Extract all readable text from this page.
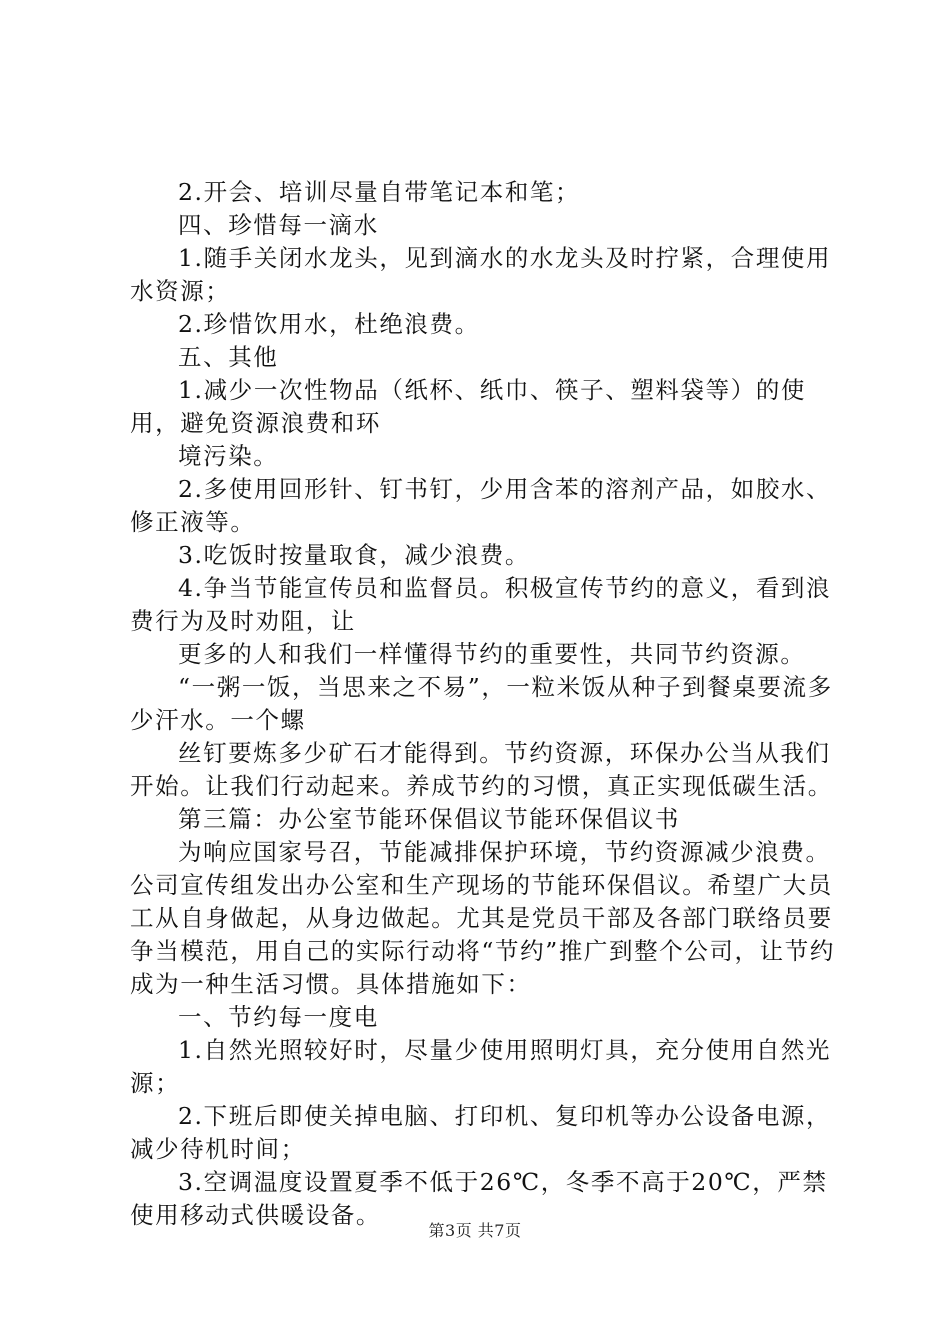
2.开会、培训尽量自带笔记本和笔；

四、珍惜每一滴水

1.随手关闭水龙头，见到滴水的水龙头及时拧紧，合理使用水资源；

2.珍惜饮用水，杜绝浪费。

五、其他

1.减少一次性物品（纸杯、纸巾、筷子、塑料袋等）的使用，避免资源浪费和环

境污染。

2.多使用回形针、钉书钉，少用含苯的溶剂产品，如胶水、修正液等。

3.吃饭时按量取食，减少浪费。

4.争当节能宣传员和监督员。积极宣传节约的意义，看到浪费行为及时劝阻，让

更多的人和我们一样懂得节约的重要性，共同节约资源。

“一粥一饭，当思来之不易”，一粒米饭从种子到餐桌要流多少汗水。一个螺

丝钉要炼多少矿石才能得到。节约资源，环保办公当从我们开始。让我们行动起来。养成节约的习惯，真正实现低碳生活。

第三篇：办公室节能环保倡议节能环保倡议书

为响应国家号召，节能减排保护环境，节约资源减少浪费。公司宣传组发出办公室和生产现场的节能环保倡议。希望广大员工从自身做起，从身边做起。尤其是党员干部及各部门联络员要争当模范，用自己的实际行动将“节约”推广到整个公司，让节约成为一种生活习惯。具体措施如下：

一、节约每一度电

1.自然光照较好时，尽量少使用照明灯具，充分使用自然光源；

2.下班后即使关掉电脑、打印机、复印机等办公设备电源，减少待机时间；

3.空调温度设置夏季不低于26℃，冬季不高于20℃，严禁使用移动式供暖设备。

第3页 共7页
